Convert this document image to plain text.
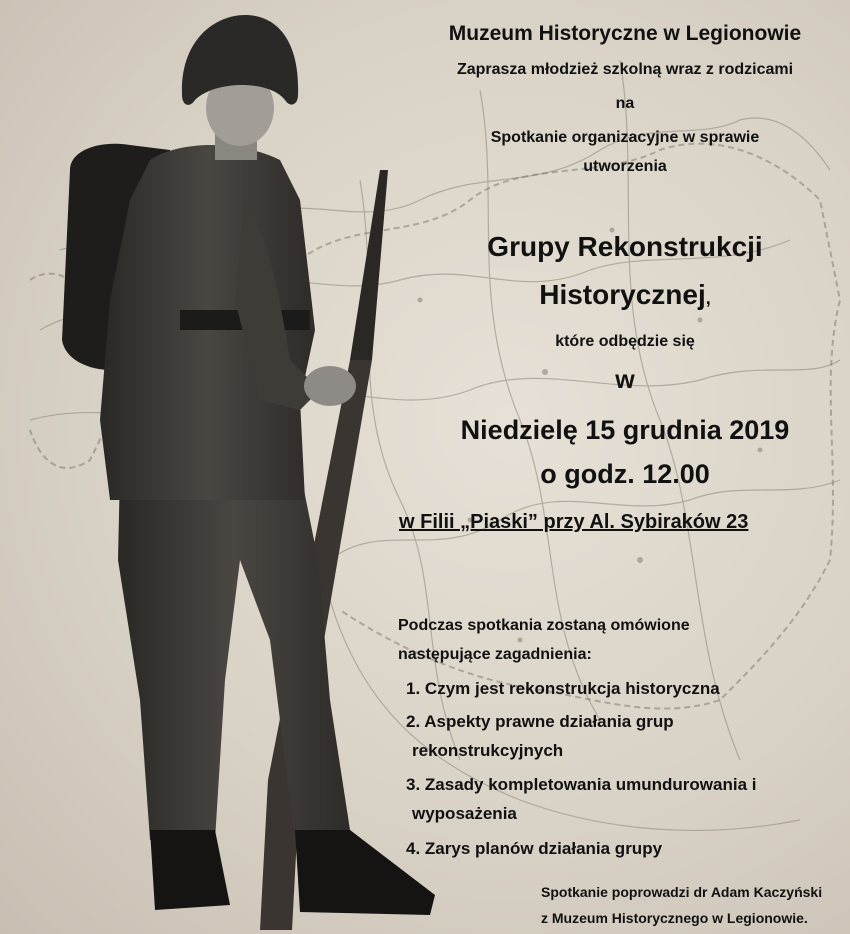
Muzeum Historyczne w Legionowie

Zaprasza młodzież szkolną wraz z rodzicami

na

Spotkanie organizacyjne w sprawie

utworzenia

Grupy Rekonstrukcji

Historycznej,

które odbędzie się

w

Niedzielę 15 grudnia 2019

o godz. 12.00

w Filii „Piaski” przy Al. Sybiraków 23

Podczas spotkania zostaną omówione

następujące zagadnienia:

1. Czym jest rekonstrukcja historyczna
2. Aspekty prawne działania grup
rekonstrukcyjnych
3. Zasady kompletowania umundurowania i
wyposażenia
4. Zarys planów działania grupy
Spotkanie poprowadzi dr Adam Kaczyński
z Muzeum Historycznego w Legionowie.
